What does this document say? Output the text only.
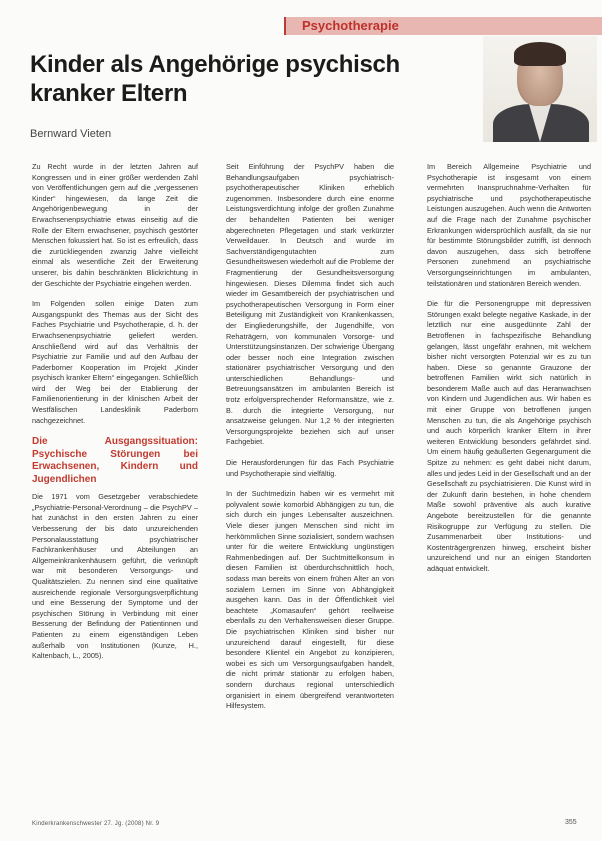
Psychotherapie
Kinder als Angehörige psychisch kranker Eltern
Bernward Vieten

Zu Recht wurde in der letzten Jahren auf Kongressen und in einer größer werdenden Zahl von Veröffentlichungen gern auf die „vergessenen Kinder“ hingewiesen, da lange Zeit die Angehörigenbewegung in der Erwachsenenpsychiatrie etwas einseitig auf die Rolle der Eltern erwachsener, psychisch gestörter Menschen fokussiert hat. So ist es erfreulich, dass die zurückliegenden zwanzig Jahre vielleicht einmal als wesentliche Zeit der Erweiterung unserer, bis dahin beschränkten Blickrichtung in der Geschichte der Psychiatrie eingehen werden.

Im Folgenden sollen einige Daten zum Ausgangspunkt des Themas aus der Sicht des Faches Psychiatrie und Psychotherapie, d. h. der Erwachsenenpsychiatrie geliefert werden. Anschließend wird auf das Verhältnis der Psychiatrie zur Familie und auf den Aufbau der Paderborner Kooperation im Projekt „Kinder psychisch kranker Eltern“ eingegangen. Schließlich wird der Weg bei der Etablierung der Familienorientierung in der klinischen Arbeit der Westfälischen Landesklinik Paderborn nachgezeichnet.

Die Ausgangssituation: Psychische Störungen bei Erwachsenen, Kindern und Jugendlichen

Die 1971 vom Gesetzgeber verabschiedete „Psychiatrie-Personal-Verordnung – die PsychPV – hat zunächst in den ersten Jahren zu einer Verbesserung der bis dato unzureichenden Personalausstattung psychiatrischer Fachkrankenhäuser und Abteilungen an Allgemeinkrankenhäusern geführt, die verknüpft war mit besonderen Versorgungs- und Qualitätszielen. Zu nennen sind eine qualitative ausreichende regionale Versorgungsverpflichtung und eine Besserung der Symptome und der psychischen Störung in Verbindung mit einer Besserung der Befindung der Patientinnen und Patienten zu einem eigenständigen Leben außerhalb von Institutionen (Kunze, H., Kaltenbach, L., 2005).

Seit Einführung der PsychPV haben die Behandlungsaufgaben psychiatrisch-psychotherapeutischer Kliniken erheblich zugenommen. Insbesondere durch eine enorme Leistungsverdichtung infolge der großen Zunahme der behandelten Patienten bei weniger abgerechneten Pflegetagen und stark verkürzter Verweildauer. In Deutsch and wurde im Sachverständigengutachten zum Gesundheitswesen wiederholt auf die Probleme der Fragmentierung der Gesundheitsversorgung hingewiesen. Dieses Dilemma findet sich auch wieder im Gesamtbereich der psychiatrischen und psychotherapeutischen Versorgung in Form einer Beteiligung mit Zuständigkeit von Krankenkassen, der Eingliederungshilfe, der Jugendhilfe, von Rehaträgern, von kommunalen Vorsorge- und Unterstützungsinstanzen. Der schwierige Übergang oder besser noch eine Integration zwischen stationärer psychiatrischer Versorgung und den unterschiedlichen Behandlungs- und Betreuungsansätzen im ambulanten Bereich ist trotz erfolgversprechender Reformansätze, wie z. B. durch die integrierte Versorgung, nur ansatzweise gelungen. Nur 1,2 % der integrierten Versorgungsprojekte beziehen sich auf unser Fachgebiet.

Die Herausforderungen für das Fach Psychiatrie und Psychotherapie sind vielfältig.

In der Suchtmedizin haben wir es vermehrt mit polyvalent sowie komorbid Abhängigen zu tun, die sich durch ein junges Lebensalter auszeichnen. Viele dieser jungen Menschen sind nicht im herkömmlichen Sinne sozialisiert, sondern wachsen unter für die weitere Entwicklung ungünstigen Rahmenbedingen auf. Der Suchtmittelkonsum in diesen Familien ist überdurchschnittlich hoch, sodass man bereits von einem frühen Alter an von sozialem Lernen im Sinne von Abhängigkeit ausgehen kann. Das in der Öffentlichkeit viel beachtete „Komasaufen“ gehört reellweise ebenfalls zu den Verhaltensweisen dieser Gruppe. Die psychiatrischen Kliniken sind bisher nur unzureichend darauf eingestellt, für diese besondere Klientel ein Angebot zu konzipieren, wobei es sich um Versorgungsaufgaben handelt, die nicht primär stationär zu erfolgen haben, sondern durchaus regional unterschiedlich organisiert in einem übergreifend verantworteten Hilfesystem.

Im Bereich Allgemeine Psychiatrie und Psychotherapie ist insgesamt von einem vermehrten Inanspruchnahme-Verhalten für psychiatrische und psychotherapeutische Leistungen auszugehen. Auch wenn die Antworten auf die Frage nach der Zunahme psychischer Erkrankungen widersprüchlich ausfällt, da sie nur für bestimmte Störungsbilder zutrifft, ist dennoch davon auszugehen, dass sich betroffene Personen zunehmend an psychiatrische Versorgungseinrichtungen im ambulanten, teilstationären und stationären Bereich wenden.

Die für die Personengruppe mit depressiven Störungen exakt belegte negative Kaskade, in der letztlich nur eine ausgedünnte Zahl der Betroffenen in fachspezifische Behandlung gelangen, lässt ungefähr erahnen, mit welchem bisher nicht versorgten Potenzial wir es zu tun haben. Diese so genannte Grauzone der betroffenen Familien wirkt sich natürlich in besonderem Maße auch auf das Heranwachsen von Kindern und Jugendlichen aus. Wir haben es mit einer Gruppe von betroffenen jungen Menschen zu tun, die als Angehörige psychisch und auch körperlich kranker Eltern in ihrer weiteren Entwicklung besonders gefährdet sind. Um einem häufig geäußerten Gegenargument die Spitze zu nehmen: es geht dabei nicht darum, alles und jedes Leid in der Gesellschaft und an der Gesellschaft zu psychiatrisieren. Die Kunst wird in der Zukunft darin bestehen, in hohe chendem Maße sowohl präventive als auch kurative Angebote bereitzustellen für die genannte Risikogruppe zur Verfügung zu stellen. Die Zusammenarbeit über Institutions- und Kostenträgergrenzen hinweg, erscheint bisher unzureichend und nur an einigen Standorten adäquat entwickelt.

Kinderkrankenschwester 27. Jg. (2008) Nr. 9	355
